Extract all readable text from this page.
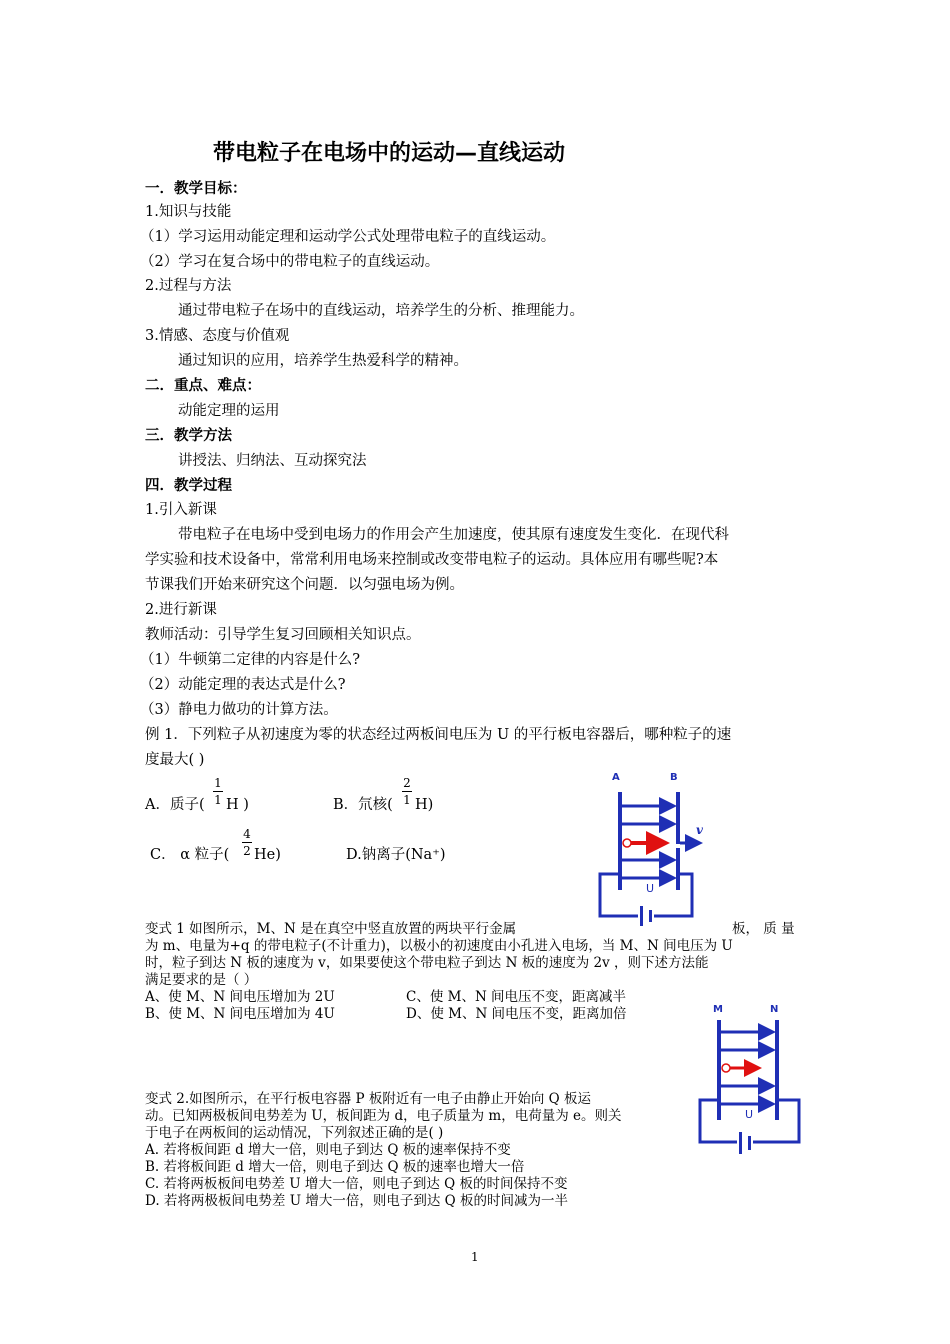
带电粒子在电场中的运动—直线运动
一．教学目标：
1.知识与技能
（1）学习运用动能定理和运动学公式处理带电粒子的直线运动。
（2）学习在复合场中的带电粒子的直线运动。
2.过程与方法
通过带电粒子在场中的直线运动，培养学生的分析、推理能力。
3.情感、态度与价值观
通过知识的应用，培养学生热爱科学的精神。
二．重点、难点：
动能定理的运用
三．教学方法
讲授法、归纳法、互动探究法
四．教学过程
1.引入新课
带电粒子在电场中受到电场力的作用会产生加速度，使其原有速度发生变化．在现代科
学实验和技术设备中，常常利用电场来控制或改变带电粒子的运动。具体应用有哪些呢?本
节课我们开始来研究这个问题．以匀强电场为例。
2.进行新课
教师活动：引导学生复习回顾相关知识点。
（1）牛顿第二定律的内容是什么?
（2）动能定理的表达式是什么?
（3）静电力做功的计算方法。
例 1．下列粒子从初速度为零的状态经过两板间电压为 U 的平行板电容器后，哪种粒子的速
度最大( )
A．质子(
1
1 H )	B．氘核(
2
1 H)
C． α 粒子(
4
2 He)	D.钠离子(Na⁺)
A	B
v
U
变式 1 如图所示，M、N 是在真空中竖直放置的两块平行金属	板， 质 量
为 m、电量为+q 的带电粒子(不计重力)，以极小的初速度由小孔进入电场，当 M、N 间电压为 U
时，粒子到达 N 板的速度为 v，如果要使这个带电粒子到达 N 板的速度为 2v ，则下述方法能
满足要求的是（ ）
A、使 M、N 间电压增加为 2U	C、使 M、N 间电压不变，距离减半
B、使 M、N 间电压增加为 4U	D、使 M、N 间电压不变，距离加倍	M	N
U
变式 2.如图所示，在平行板电容器 P 板附近有一电子由静止开始向 Q 板运
动。已知两极板间电势差为 U，板间距为 d，电子质量为 m，电荷量为 e。则关
于电子在两板间的运动情况，下列叙述正确的是( )
A. 若将板间距 d 增大一倍，则电子到达 Q 板的速率保持不变
B. 若将板间距 d 增大一倍，则电子到达 Q 板的速率也增大一倍
C. 若将两板板间电势差 U 增大一倍，则电子到达 Q 板的时间保持不变
D. 若将两极板间电势差 U 增大一倍，则电子到达 Q 板的时间减为一半
1
